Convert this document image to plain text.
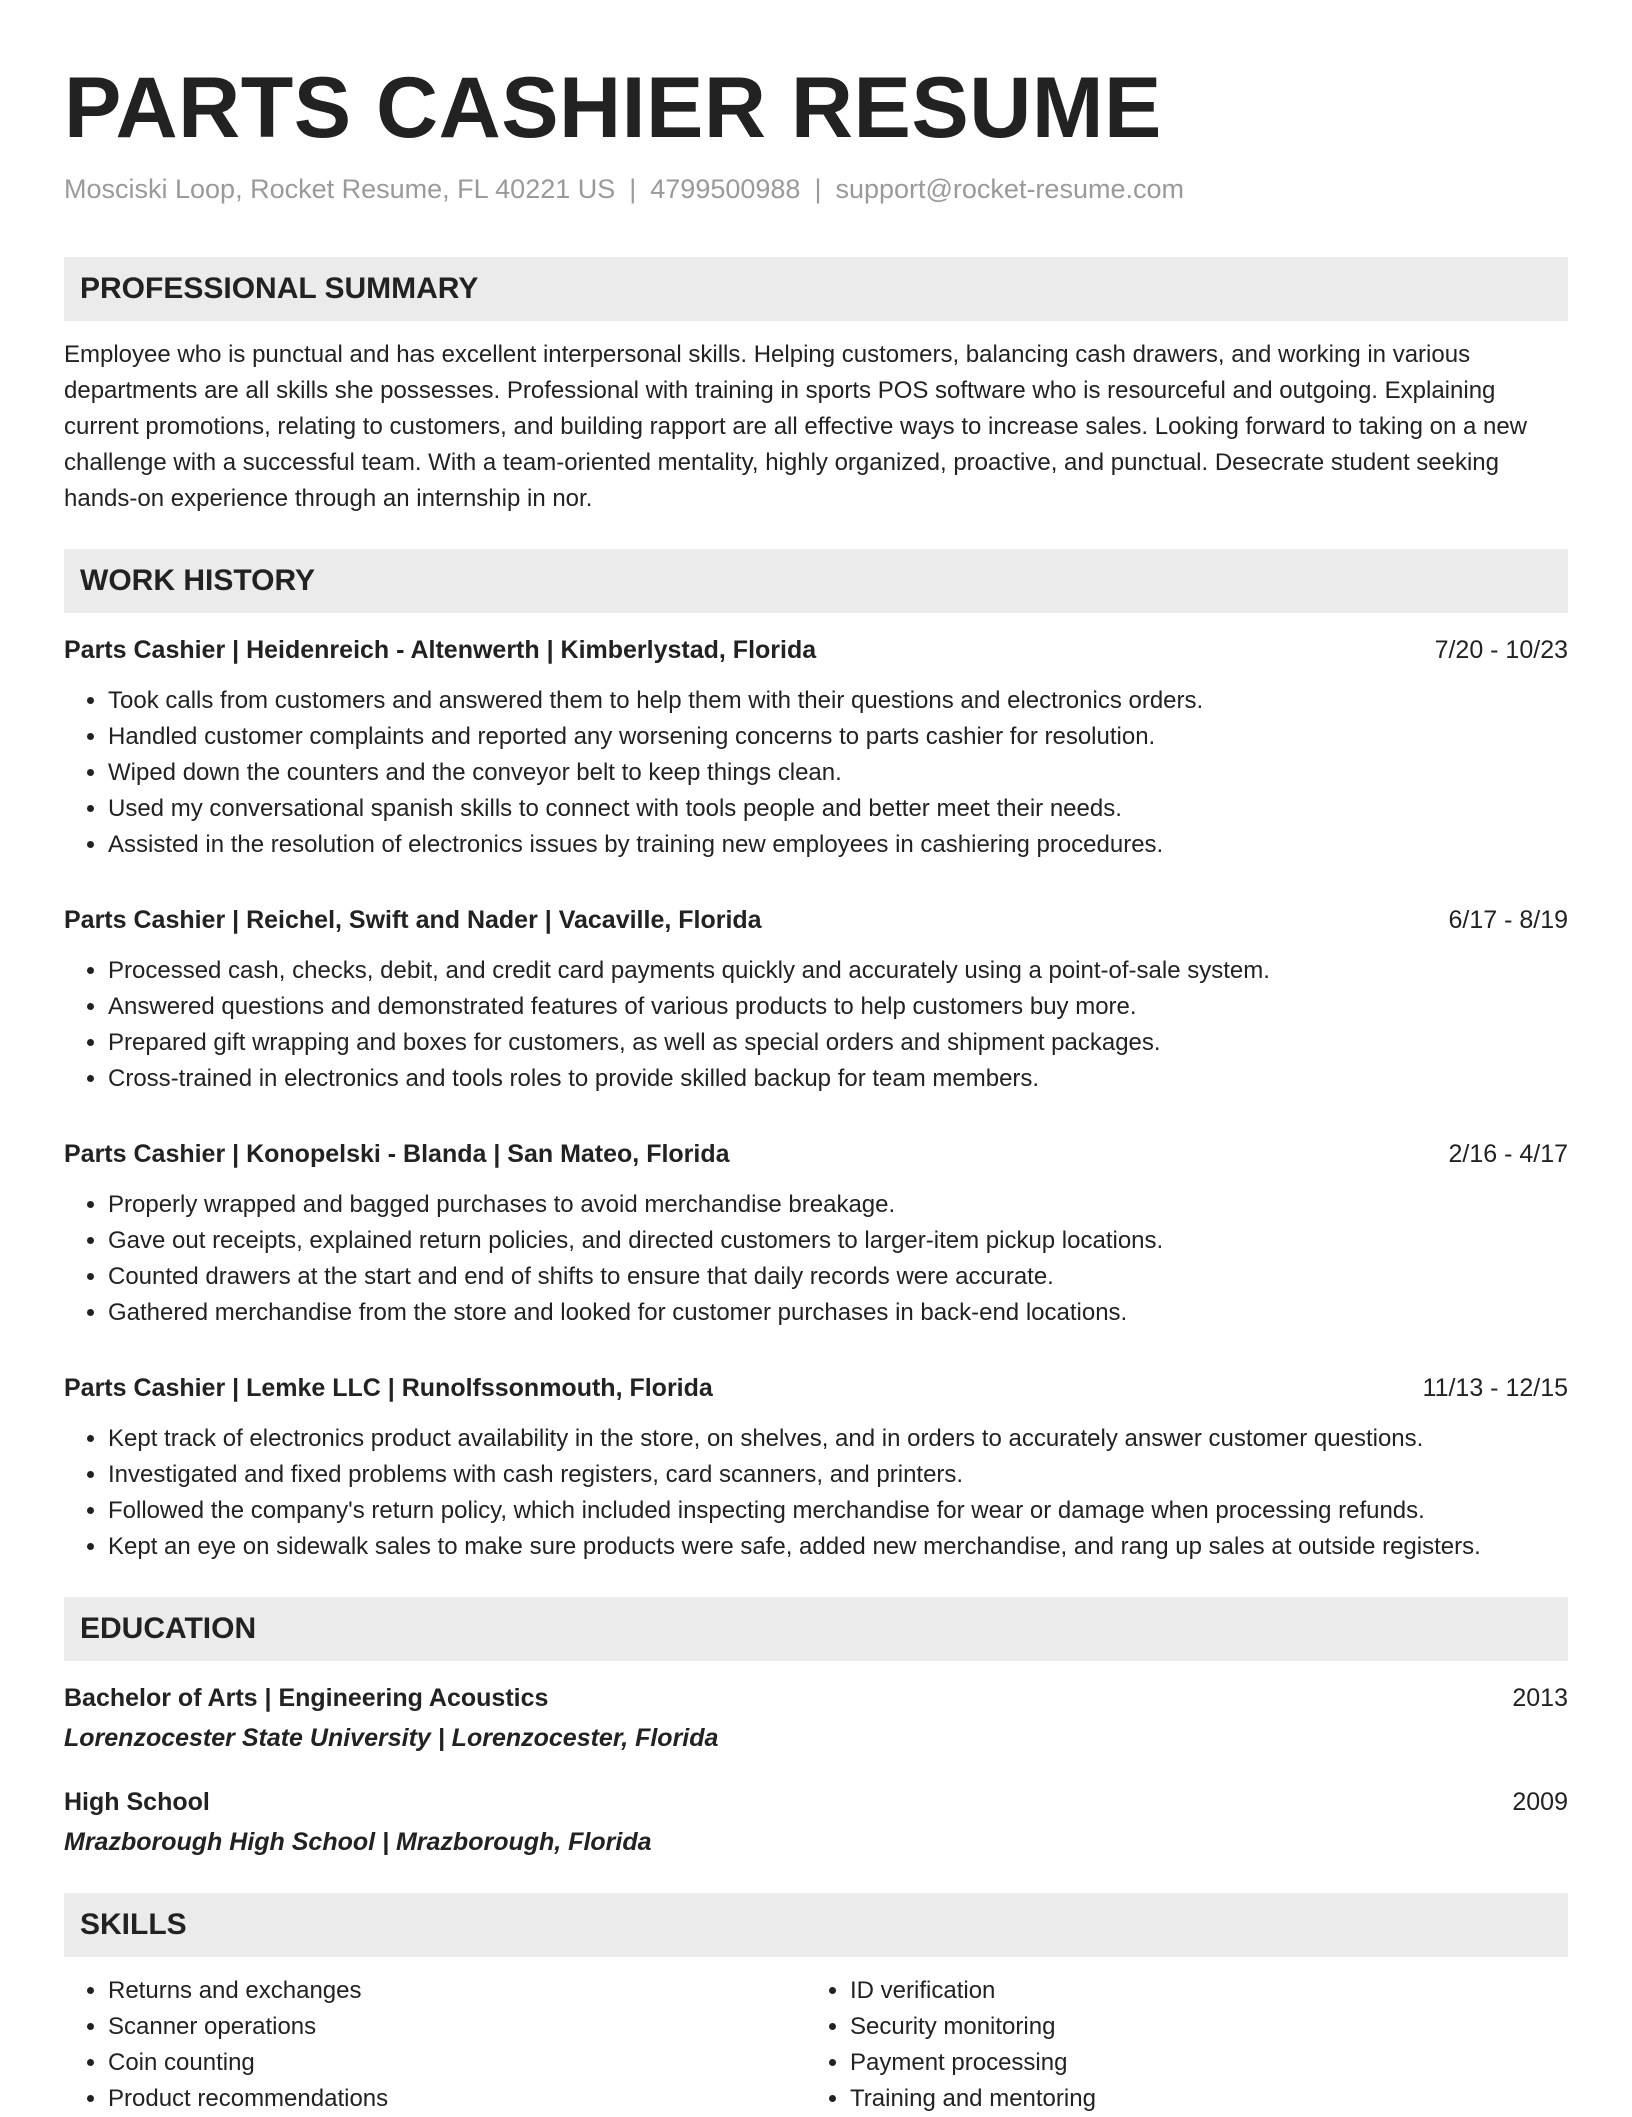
PARTS CASHIER RESUME
Mosciski Loop, Rocket Resume, FL 40221 US | 4799500988 | support@rocket-resume.com
PROFESSIONAL SUMMARY
Employee who is punctual and has excellent interpersonal skills. Helping customers, balancing cash drawers, and working in various departments are all skills she possesses. Professional with training in sports POS software who is resourceful and outgoing. Explaining current promotions, relating to customers, and building rapport are all effective ways to increase sales. Looking forward to taking on a new challenge with a successful team. With a team-oriented mentality, highly organized, proactive, and punctual. Desecrate student seeking hands-on experience through an internship in nor.
WORK HISTORY
Parts Cashier | Heidenreich - Altenwerth | Kimberlystad, Florida	7/20 - 10/23
• Took calls from customers and answered them to help them with their questions and electronics orders.
• Handled customer complaints and reported any worsening concerns to parts cashier for resolution.
• Wiped down the counters and the conveyor belt to keep things clean.
• Used my conversational spanish skills to connect with tools people and better meet their needs.
• Assisted in the resolution of electronics issues by training new employees in cashiering procedures.
Parts Cashier | Reichel, Swift and Nader | Vacaville, Florida	6/17 - 8/19
• Processed cash, checks, debit, and credit card payments quickly and accurately using a point-of-sale system.
• Answered questions and demonstrated features of various products to help customers buy more.
• Prepared gift wrapping and boxes for customers, as well as special orders and shipment packages.
• Cross-trained in electronics and tools roles to provide skilled backup for team members.
Parts Cashier | Konopelski - Blanda | San Mateo, Florida	2/16 - 4/17
• Properly wrapped and bagged purchases to avoid merchandise breakage.
• Gave out receipts, explained return policies, and directed customers to larger-item pickup locations.
• Counted drawers at the start and end of shifts to ensure that daily records were accurate.
• Gathered merchandise from the store and looked for customer purchases in back-end locations.
Parts Cashier | Lemke LLC | Runolfssonmouth, Florida	11/13 - 12/15
• Kept track of electronics product availability in the store, on shelves, and in orders to accurately answer customer questions.
• Investigated and fixed problems with cash registers, card scanners, and printers.
• Followed the company's return policy, which included inspecting merchandise for wear or damage when processing refunds.
• Kept an eye on sidewalk sales to make sure products were safe, added new merchandise, and rang up sales at outside registers.
EDUCATION
Bachelor of Arts | Engineering Acoustics	2013
Lorenzocester State University | Lorenzocester, Florida
High School	2009
Mrazborough High School | Mrazborough, Florida
SKILLS
• Returns and exchanges
• Scanner operations
• Coin counting
• Product recommendations
• ID verification
• Security monitoring
• Payment processing
• Training and mentoring
